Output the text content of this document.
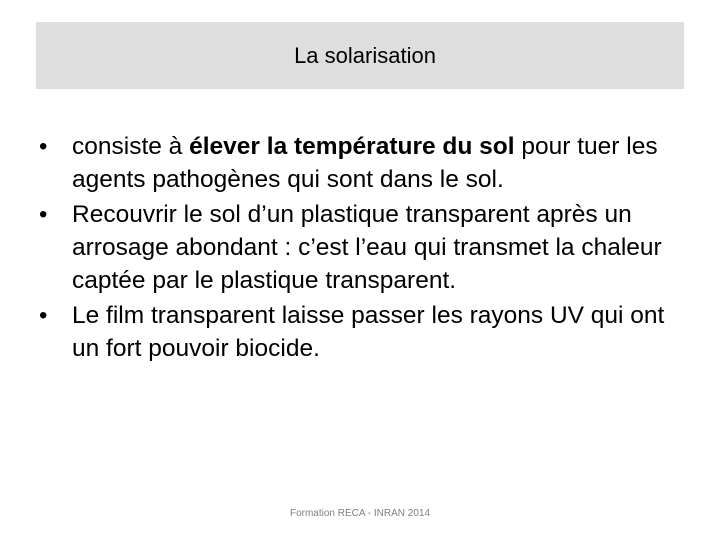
La solarisation
• consiste à élever la température du sol pour tuer les agents pathogènes qui sont dans le sol.
• Recouvrir le sol d’un plastique transparent après un arrosage abondant : c’est l’eau qui transmet la chaleur captée par le plastique transparent.
• Le film transparent laisse passer les rayons UV qui ont un fort pouvoir biocide.
Formation RECA - INRAN 2014
